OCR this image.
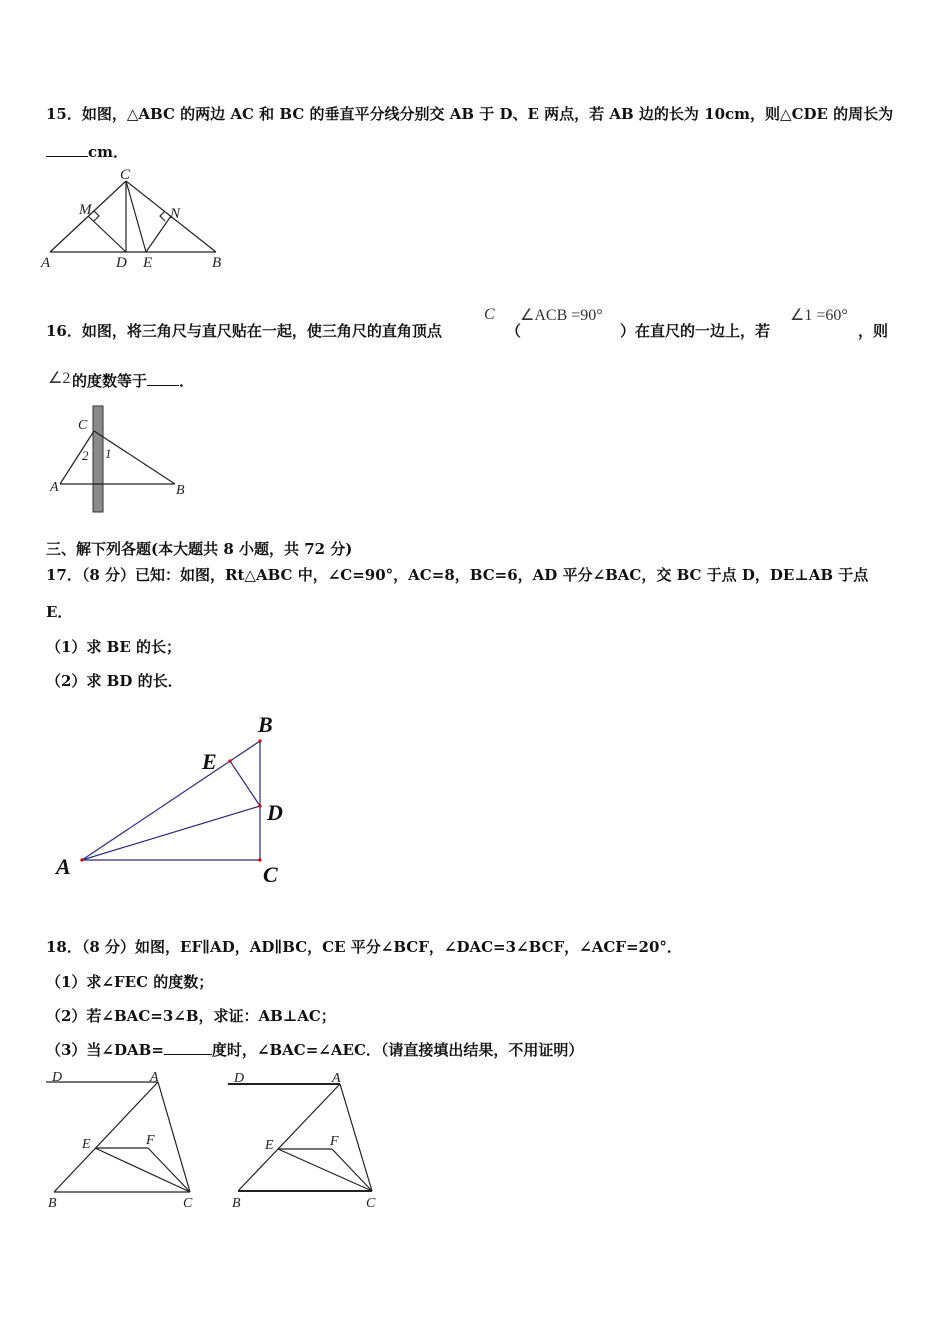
15．如图，△ABC 的两边 AC 和 BC 的垂直平分线分别交 AB 于 D、E 两点，若 AB 边的长为 10cm，则△CDE 的周长为
cm．
A	B
C
D E
M	N
16．如图，将三角尺与直尺贴在一起，使三角尺的直角顶点
C
（
∠ACB =90°
）在直尺的一边上，若
∠1 =60°
，则
∠2 的度数等于 ．
A	B
C
2 1
三、解下列各题(本大题共 8 小题，共 72 分)
17．（8 分）已知：如图，Rt△ABC 中，∠C=90°，AC=8，BC=6，AD 平分∠BAC，交 BC 于点 D，DE⊥AB 于点
E．
（1）求 BE 的长；
（2）求 BD 的长．
A
B
C
D
E
18．（8 分）如图，EF∥AD，AD∥BC，CE 平分∠BCF，∠DAC=3∠BCF，∠ACF=20°．
（1）求∠FEC 的度数；
（2）若∠BAC=3∠B，求证：AB⊥AC；
（3）当∠DAB=	度时，∠BAC=∠AEC．（请直接填出结果，不用证明）
D	A
E	F
B	C
D	A
E	F
B	C
